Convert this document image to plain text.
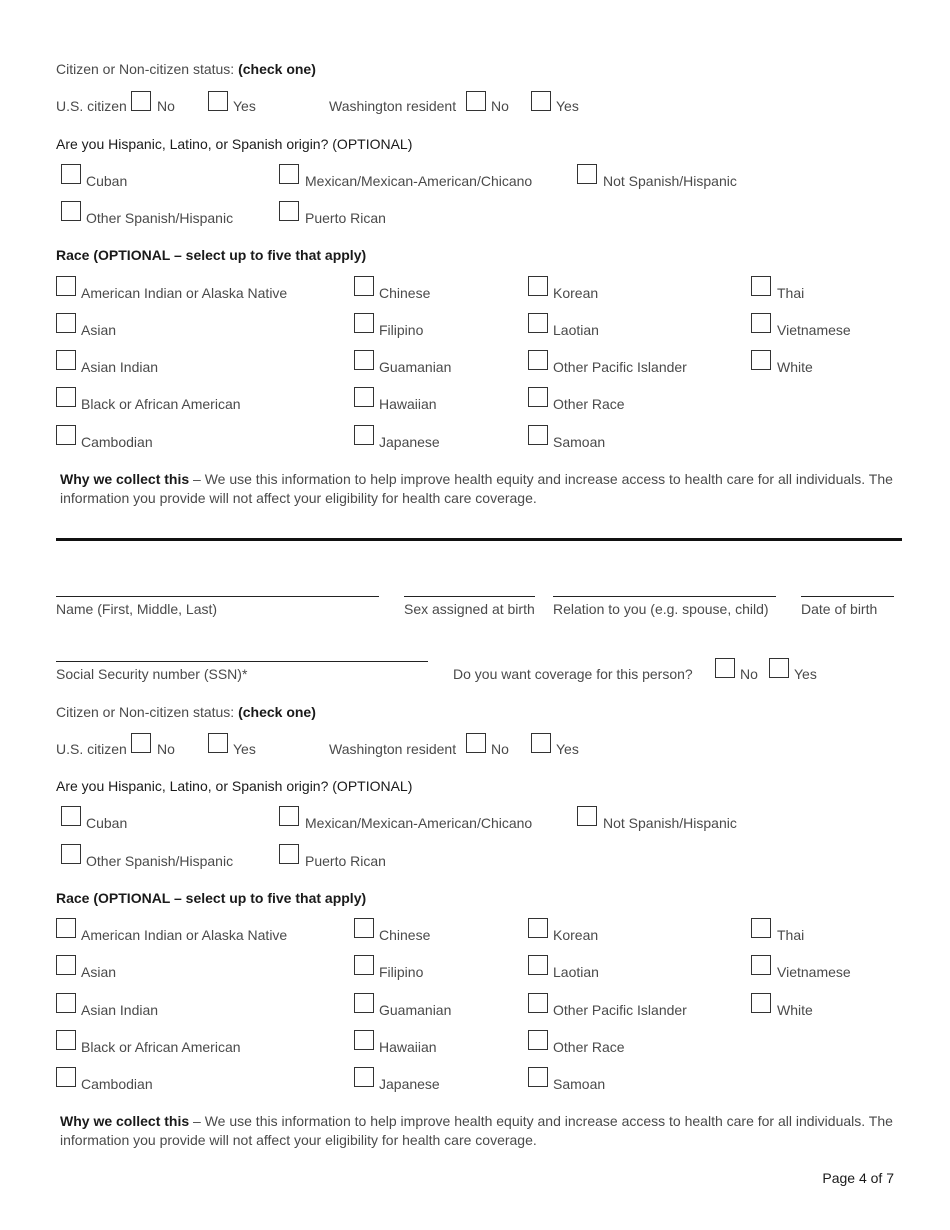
Citizen or Non-citizen status: (check one)
U.S. citizen No	Yes	Washington resident No	Yes
Are you Hispanic, Latino, or Spanish origin? (OPTIONAL)
Cuban	Mexican/Mexican-American/Chicano	Not Spanish/Hispanic
Other Spanish/Hispanic	Puerto Rican
Race (OPTIONAL – select up to five that apply)
American Indian or Alaska Native
Asian
Asian Indian
Black or African American
Cambodian
Chinese
Filipino
Guamanian
Hawaiian
Japanese
Korean
Laotian
Other Pacific Islander
Other Race
Samoan
Thai
Vietnamese
White
Why we collect this – We use this information to help improve health equity and increase access to health care for all individuals. The information you provide will not affect your eligibility for health care coverage.
Name (First, Middle, Last)	Sex assigned at birth Relation to you (e.g. spouse, child) Date of birth
Social Security number (SSN)*	Do you want coverage for this person?	No	Yes
Citizen or Non-citizen status: (check one)
U.S. citizen No	Yes	Washington resident No	Yes
Are you Hispanic, Latino, or Spanish origin? (OPTIONAL)
Cuban	Mexican/Mexican-American/Chicano	Not Spanish/Hispanic
Other Spanish/Hispanic	Puerto Rican
Race (OPTIONAL – select up to five that apply)
American Indian or Alaska Native
Asian
Asian Indian
Black or African American
Cambodian
Chinese
Filipino
Guamanian
Hawaiian
Japanese
Korean
Laotian
Other Pacific Islander
Other Race
Samoan
Thai
Vietnamese
White
Why we collect this – We use this information to help improve health equity and increase access to health care for all individuals. The information you provide will not affect your eligibility for health care coverage.
Page 4 of 7
